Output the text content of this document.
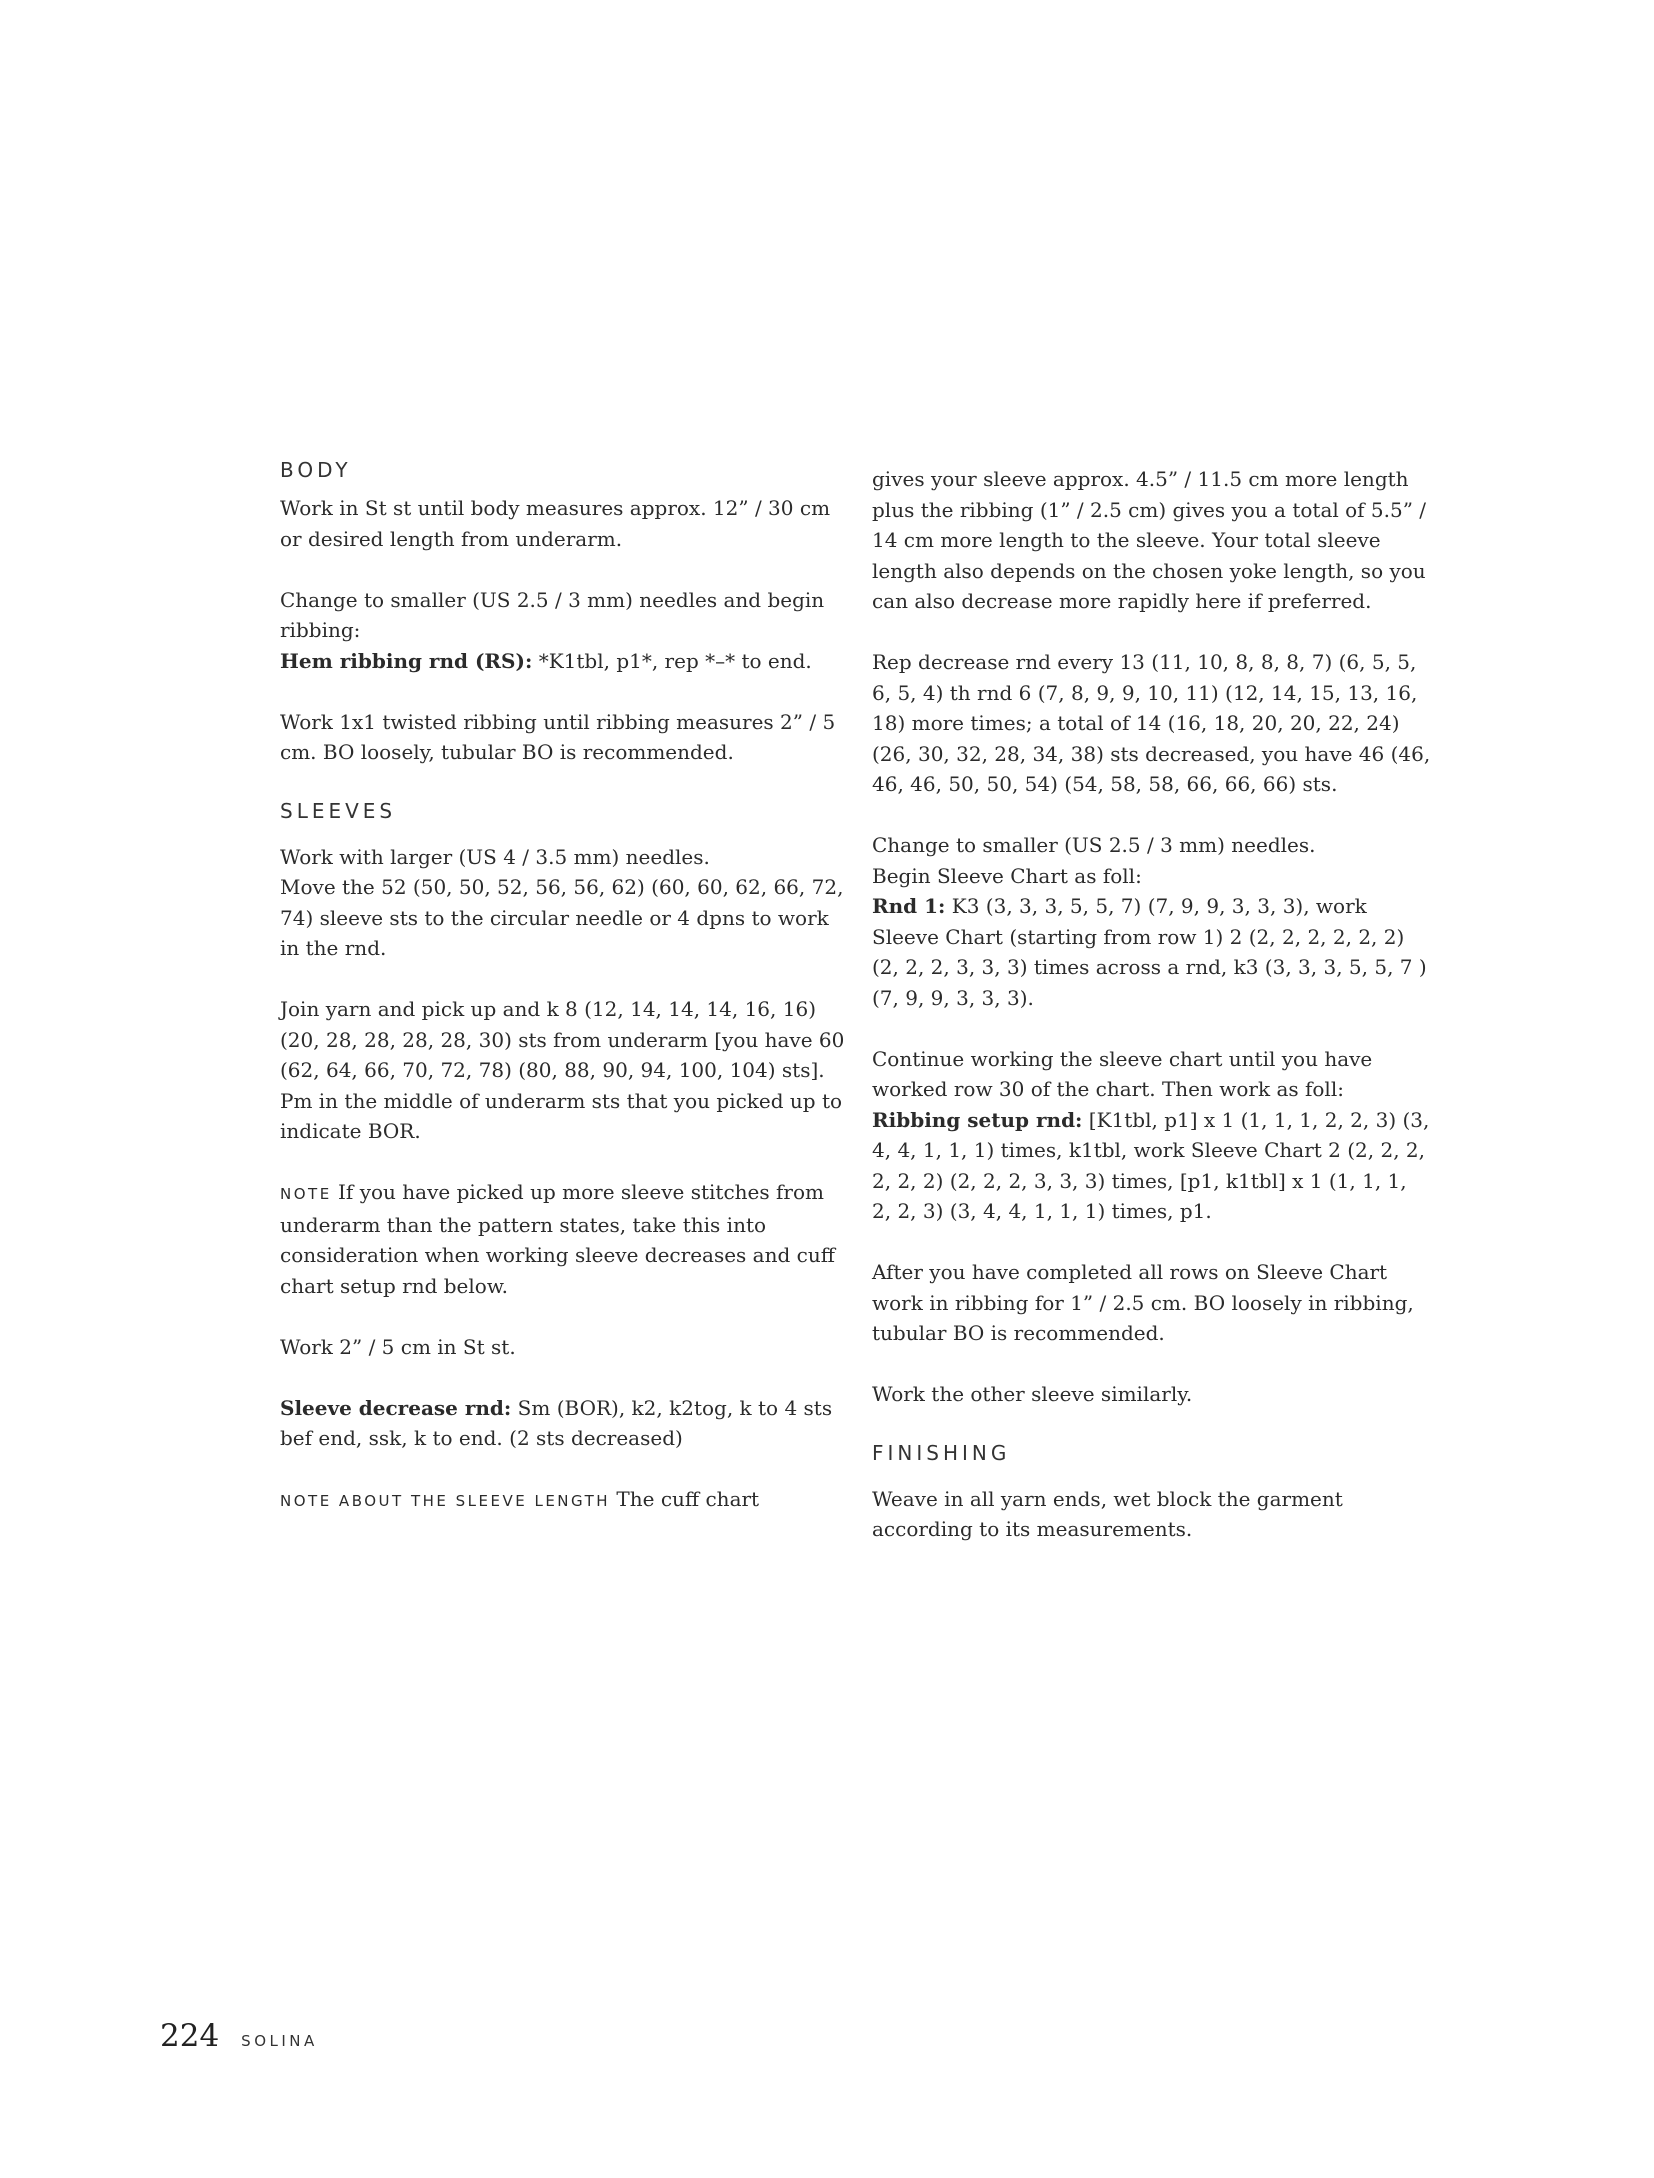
BODY

Work in St st until body measures approx. 12” / 30 cm or desired length from underarm.

Change to smaller (US 2.5 / 3 mm) needles and begin ribbing:

Hem ribbing rnd (RS): *K1tbl, p1*, rep *–* to end.

Work 1x1 twisted ribbing until ribbing measures 2” / 5 cm. BO loosely, tubular BO is recommended.

SLEEVES

Work with larger (US 4 / 3.5 mm) needles.

Move the 52 (50, 50, 52, 56, 56, 62) (60, 60, 62, 66, 72, 74) sleeve sts to the circular needle or 4 dpns to work in the rnd.

Join yarn and pick up and k 8 (12, 14, 14, 14, 16, 16)(20, 28, 28, 28, 28, 30) sts from underarm [you have 60 (62, 64, 66, 70, 72, 78) (80, 88, 90, 94, 100, 104) sts]. Pm in the middle of underarm sts that you picked up to indicate BOR.

NOTE If you have picked up more sleeve stitches from underarm than the pattern states, take this into consideration when working sleeve decreases and cuff chart setup rnd below.

Work 2” / 5 cm in St st.

Sleeve decrease rnd: Sm (BOR), k2, k2tog, k to 4 sts bef end, ssk, k to end. (2 sts decreased)

NOTE ABOUT THE SLEEVE LENGTH The cuff chart

gives your sleeve approx. 4.5” / 11.5 cm more length plus the ribbing (1” / 2.5 cm) gives you a total of 5.5” / 14 cm more length to the sleeve. Your total sleeve length also depends on the chosen yoke length, so you can also decrease more rapidly here if preferred.

Rep decrease rnd every 13 (11, 10, 8, 8, 8, 7) (6, 5, 5, 6, 5, 4) th rnd 6 (7, 8, 9, 9, 10, 11) (12, 14, 15, 13, 16, 18) more times; a total of 14 (16, 18, 20, 20, 22, 24) (26, 30, 32, 28, 34, 38) sts decreased, you have 46 (46, 46, 46, 50, 50, 54) (54, 58, 58, 66, 66, 66) sts.

Change to smaller (US 2.5 / 3 mm) needles.

Begin Sleeve Chart as foll:

Rnd 1: K3 (3, 3, 3, 5, 5, 7) (7, 9, 9, 3, 3, 3), work Sleeve Chart (starting from row 1) 2 (2, 2, 2, 2, 2, 2) (2, 2, 2, 3, 3, 3) times across a rnd, k3 (3, 3, 3, 5, 5, 7 )(7, 9, 9, 3, 3, 3).

Continue working the sleeve chart until you have worked row 30 of the chart. Then work as foll:

Ribbing setup rnd: [K1tbl, p1] x 1 (1, 1, 1, 2, 2, 3) (3, 4, 4, 1, 1, 1) times, k1tbl, work Sleeve Chart 2 (2, 2, 2, 2, 2, 2) (2, 2, 2, 3, 3, 3) times, [p1, k1tbl] x 1 (1, 1, 1, 2, 2, 3) (3, 4, 4, 1, 1, 1) times, p1.

After you have completed all rows on Sleeve Chart work in ribbing for 1” / 2.5 cm. BO loosely in ribbing, tubular BO is recommended.

Work the other sleeve similarly.

FINISHING

Weave in all yarn ends, wet block the garment according to its measurements.

224 SOLINA
